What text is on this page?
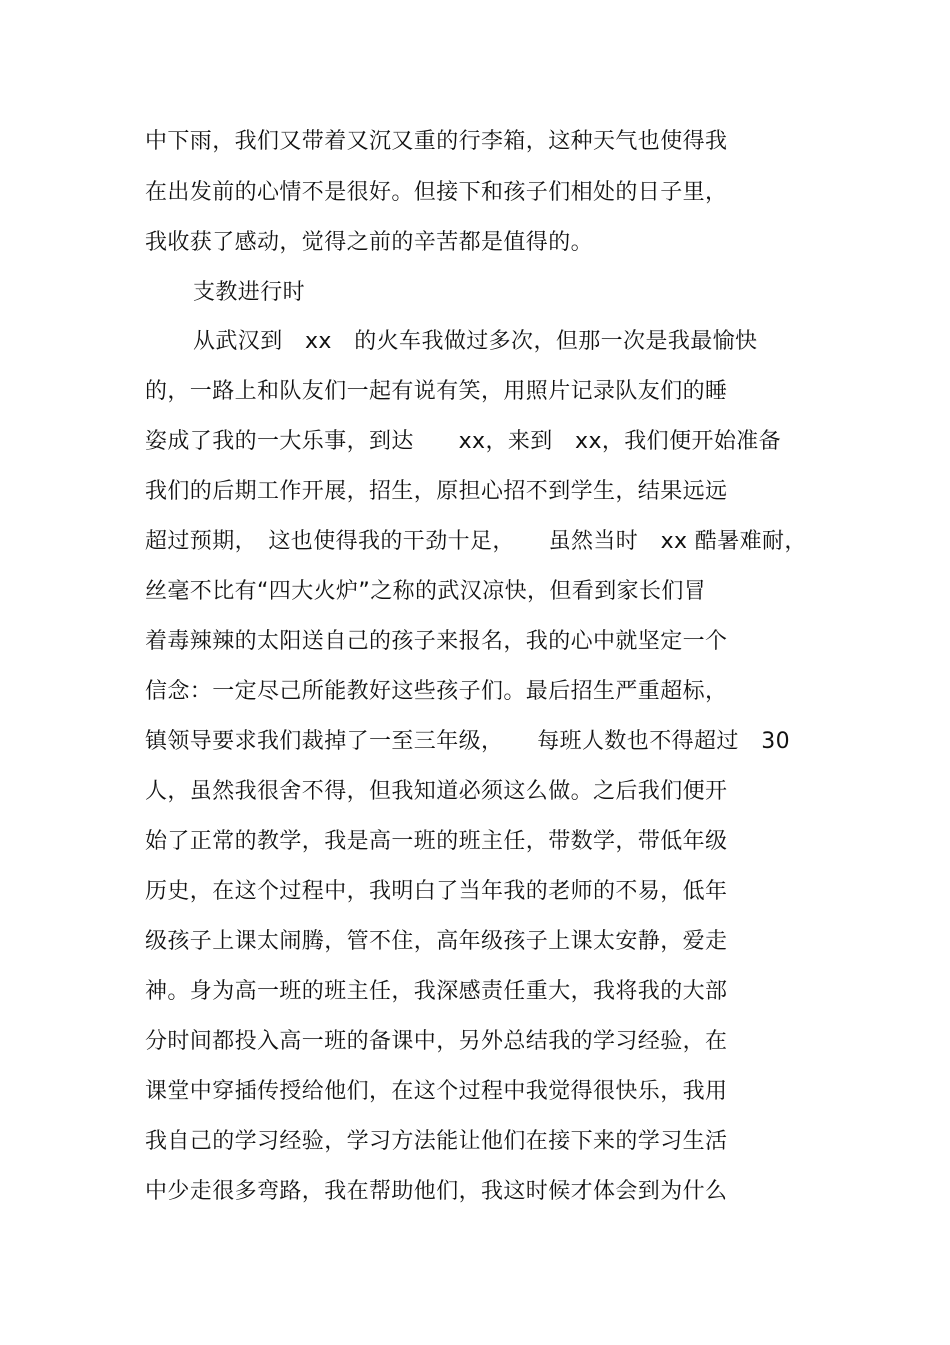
中下雨，我们又带着又沉又重的行李箱，这种天气也使得我
在出发前的心情不是很好。但接下和孩子们相处的日子里，
我收获了感动，觉得之前的辛苦都是值得的。
支教进行时
从武汉到　xx　的火车我做过多次，但那一次是我最愉快
的，一路上和队友们一起有说有笑，用照片记录队友们的睡
姿成了我的一大乐事，到达　　xx，来到　xx，我们便开始准备
我们的后期工作开展，招生，原担心招不到学生，结果远远
超过预期，　这也使得我的干劲十足，　　虽然当时　xx 酷暑难耐，
丝毫不比有“四大火炉”之称的武汉凉快，但看到家长们冒
着毒辣辣的太阳送自己的孩子来报名，我的心中就坚定一个
信念：一定尽己所能教好这些孩子们。最后招生严重超标，
镇领导要求我们裁掉了一至三年级，　　每班人数也不得超过　30
人，虽然我很舍不得，但我知道必须这么做。之后我们便开
始了正常的教学，我是高一班的班主任，带数学，带低年级
历史，在这个过程中，我明白了当年我的老师的不易，低年
级孩子上课太闹腾，管不住，高年级孩子上课太安静，爱走
神。身为高一班的班主任，我深感责任重大，我将我的大部
分时间都投入高一班的备课中，另外总结我的学习经验，在
课堂中穿插传授给他们，在这个过程中我觉得很快乐，我用
我自己的学习经验，学习方法能让他们在接下来的学习生活
中少走很多弯路，我在帮助他们，我这时候才体会到为什么
